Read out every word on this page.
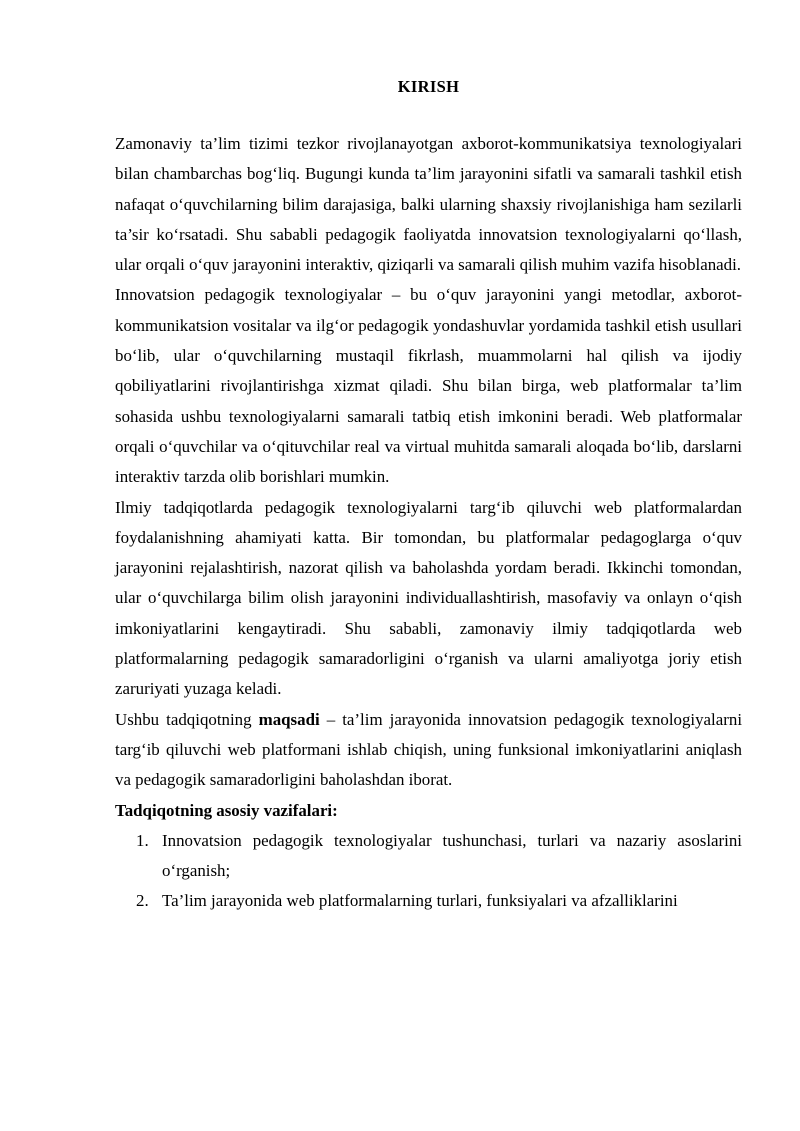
KIRISH

Zamonaviy ta’lim tizimi tezkor rivojlanayotgan axborot-kommunikatsiya texnologiyalari bilan chambarchas bog‘liq. Bugungi kunda ta’lim jarayonini sifatli va samarali tashkil etish nafaqat o‘quvchilarning bilim darajasiga, balki ularning shaxsiy rivojlanishiga ham sezilarli ta’sir ko‘rsatadi. Shu sababli pedagogik faoliyatda innovatsion texnologiyalarni qo‘llash, ular orqali o‘quv jarayonini interaktiv, qiziqarli va samarali qilish muhim vazifa hisoblanadi.

Innovatsion pedagogik texnologiyalar – bu o‘quv jarayonini yangi metodlar, axborot-kommunikatsion vositalar va ilg‘or pedagogik yondashuvlar yordamida tashkil etish usullari bo‘lib, ular o‘quvchilarning mustaqil fikrlash, muammolarni hal qilish va ijodiy qobiliyatlarini rivojlantirishga xizmat qiladi. Shu bilan birga, web platformalar ta’lim sohasida ushbu texnologiyalarni samarali tatbiq etish imkonini beradi. Web platformalar orqali o‘quvchilar va o‘qituvchilar real va virtual muhitda samarali aloqada bo‘lib, darslarni interaktiv tarzda olib borishlari mumkin.

Ilmiy tadqiqotlarda pedagogik texnologiyalarni targ‘ib qiluvchi web platformalardan foydalanishning ahamiyati katta. Bir tomondan, bu platformalar pedagoglarga o‘quv jarayonini rejalashtirish, nazorat qilish va baholashda yordam beradi. Ikkinchi tomondan, ular o‘quvchilarga bilim olish jarayonini individuallashtirish, masofaviy va onlayn o‘qish imkoniyatlarini kengaytiradi. Shu sababli, zamonaviy ilmiy tadqiqotlarda web platformalarning pedagogik samaradorligini o‘rganish va ularni amaliyotga joriy etish zaruriyati yuzaga keladi.

Ushbu tadqiqotning maqsadi – ta’lim jarayonida innovatsion pedagogik texnologiyalarni targ‘ib qiluvchi web platformani ishlab chiqish, uning funksional imkoniyatlarini aniqlash va pedagogik samaradorligini baholashdan iborat.

Tadqiqotning asosiy vazifalari:

1. Innovatsion pedagogik texnologiyalar tushunchasi, turlari va nazariy asoslarini o‘rganish;
2. Ta’lim jarayonida web platformalarning turlari, funksiyalari va afzalliklarini
